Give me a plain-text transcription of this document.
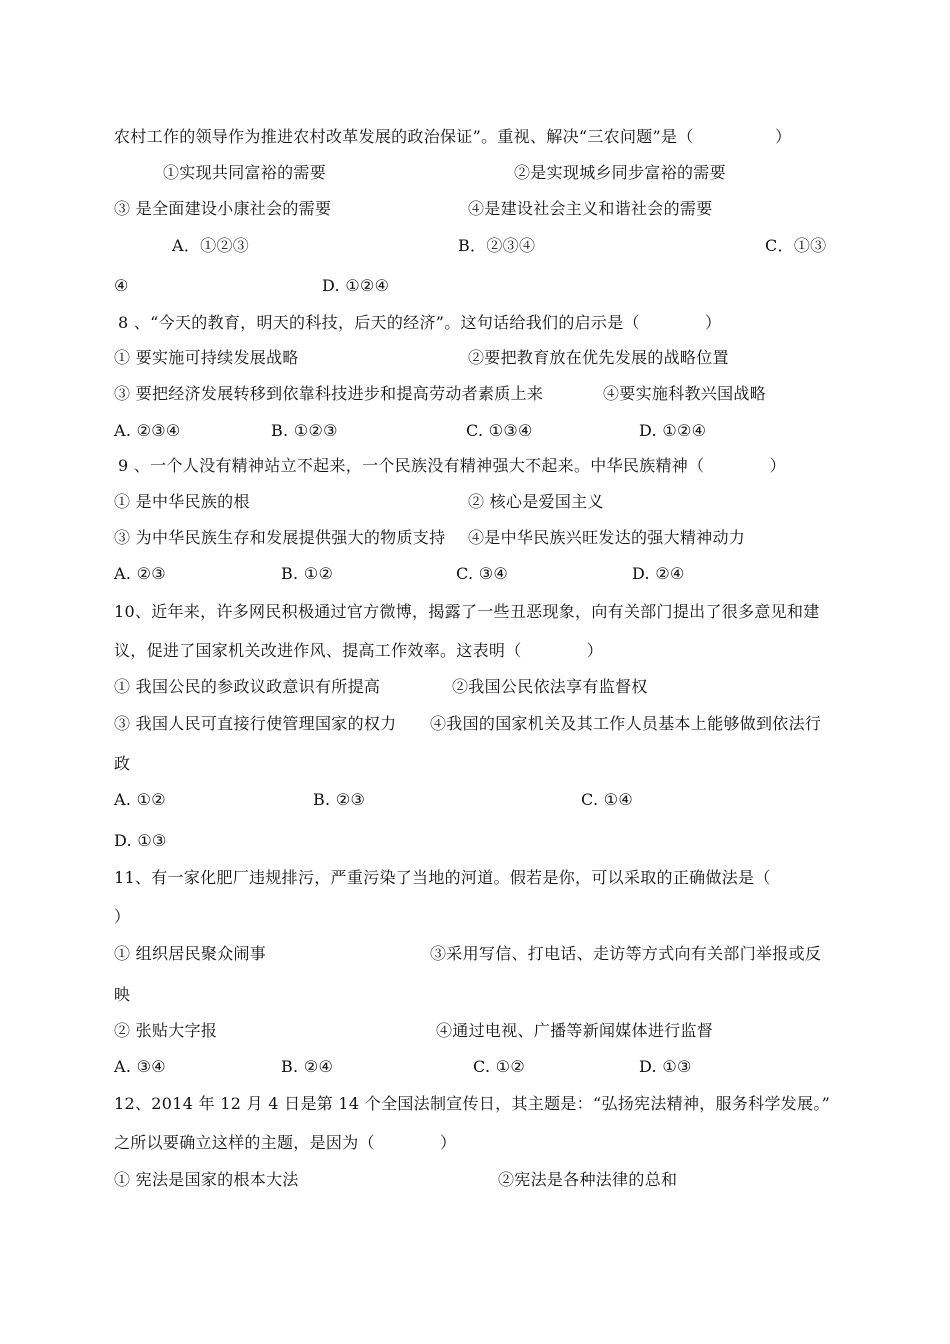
农村工作的领导作为推进农村改革发展的政治保证”。重视、解决“三农问题”是（　　　　　）
①实现共同富裕的需要	②是实现城乡同步富裕的需要
③ 是全面建设小康社会的需要	④是建设社会主义和谐社会的需要
A．①②③	B．②③④	C．①③
④	D. ①②④
8 、“今天的教育，明天的科技，后天的经济”。这句话给我们的启示是（　　　　）
① 要实施可持续发展战略	②要把教育放在优先发展的战略位置
③ 要把经济发展转移到依靠科技进步和提高劳动者素质上来	④要实施科教兴国战略
A. ②③④	B. ①②③	C. ①③④	D. ①②④
9 、一个人没有精神站立不起来，一个民族没有精神强大不起来。中华民族精神（　　　　）
① 是中华民族的根	② 核心是爱国主义
③ 为中华民族生存和发展提供强大的物质支持 ④是中华民族兴旺发达的强大精神动力
A. ②③	B. ①②	C. ③④	D. ②④
10、近年来，许多网民积极通过官方微博，揭露了一些丑恶现象，向有关部门提出了很多意见和建
议，促进了国家机关改进作风、提高工作效率。这表明（　　　　）
① 我国公民的参政议政意识有所提高	②我国公民依法享有监督权
③ 我国人民可直接行使管理国家的权力 ④我国的国家机关及其工作人员基本上能够做到依法行
政
A. ①②	B. ②③	C. ①④
D. ①③
11、有一家化肥厂违规排污，严重污染了当地的河道。假若是你，可以采取的正确做法是（
）
① 组织居民聚众闹事	③采用写信、打电话、走访等方式向有关部门举报或反
映
② 张贴大字报	④通过电视、广播等新闻媒体进行监督
A. ③④	B. ②④	C. ①②	D. ①③
12、2014 年 12 月 4 日是第 14 个全国法制宣传日，其主题是：“弘扬宪法精神，服务科学发展。”
之所以要确立这样的主题，是因为（　　　　）
① 宪法是国家的根本大法	②宪法是各种法律的总和
